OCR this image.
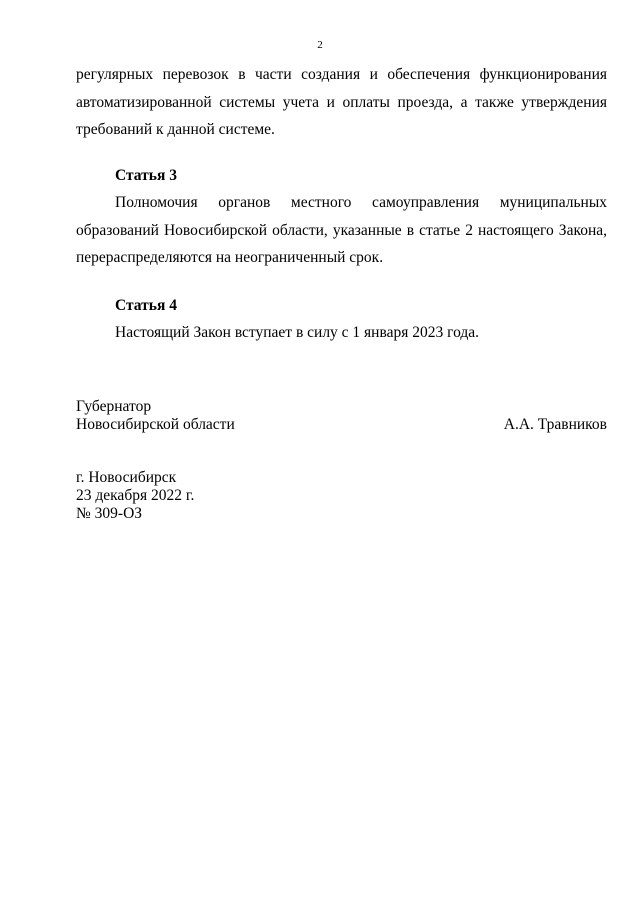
2
регулярных перевозок в части создания и обеспечения функционирования
автоматизированной системы учета и оплаты проезда, а также утверждения
требований к данной системе.
Статья 3
Полномочия органов местного самоуправления муниципальных
образований Новосибирской области, указанные в статье 2 настоящего Закона,
перераспределяются на неограниченный срок.
Статья 4
Настоящий Закон вступает в силу с 1 января 2023 года.
Губернатор
Новосибирской области	А.А. Травников
г. Новосибирск
23 декабря 2022 г.
№ 309-ОЗ
